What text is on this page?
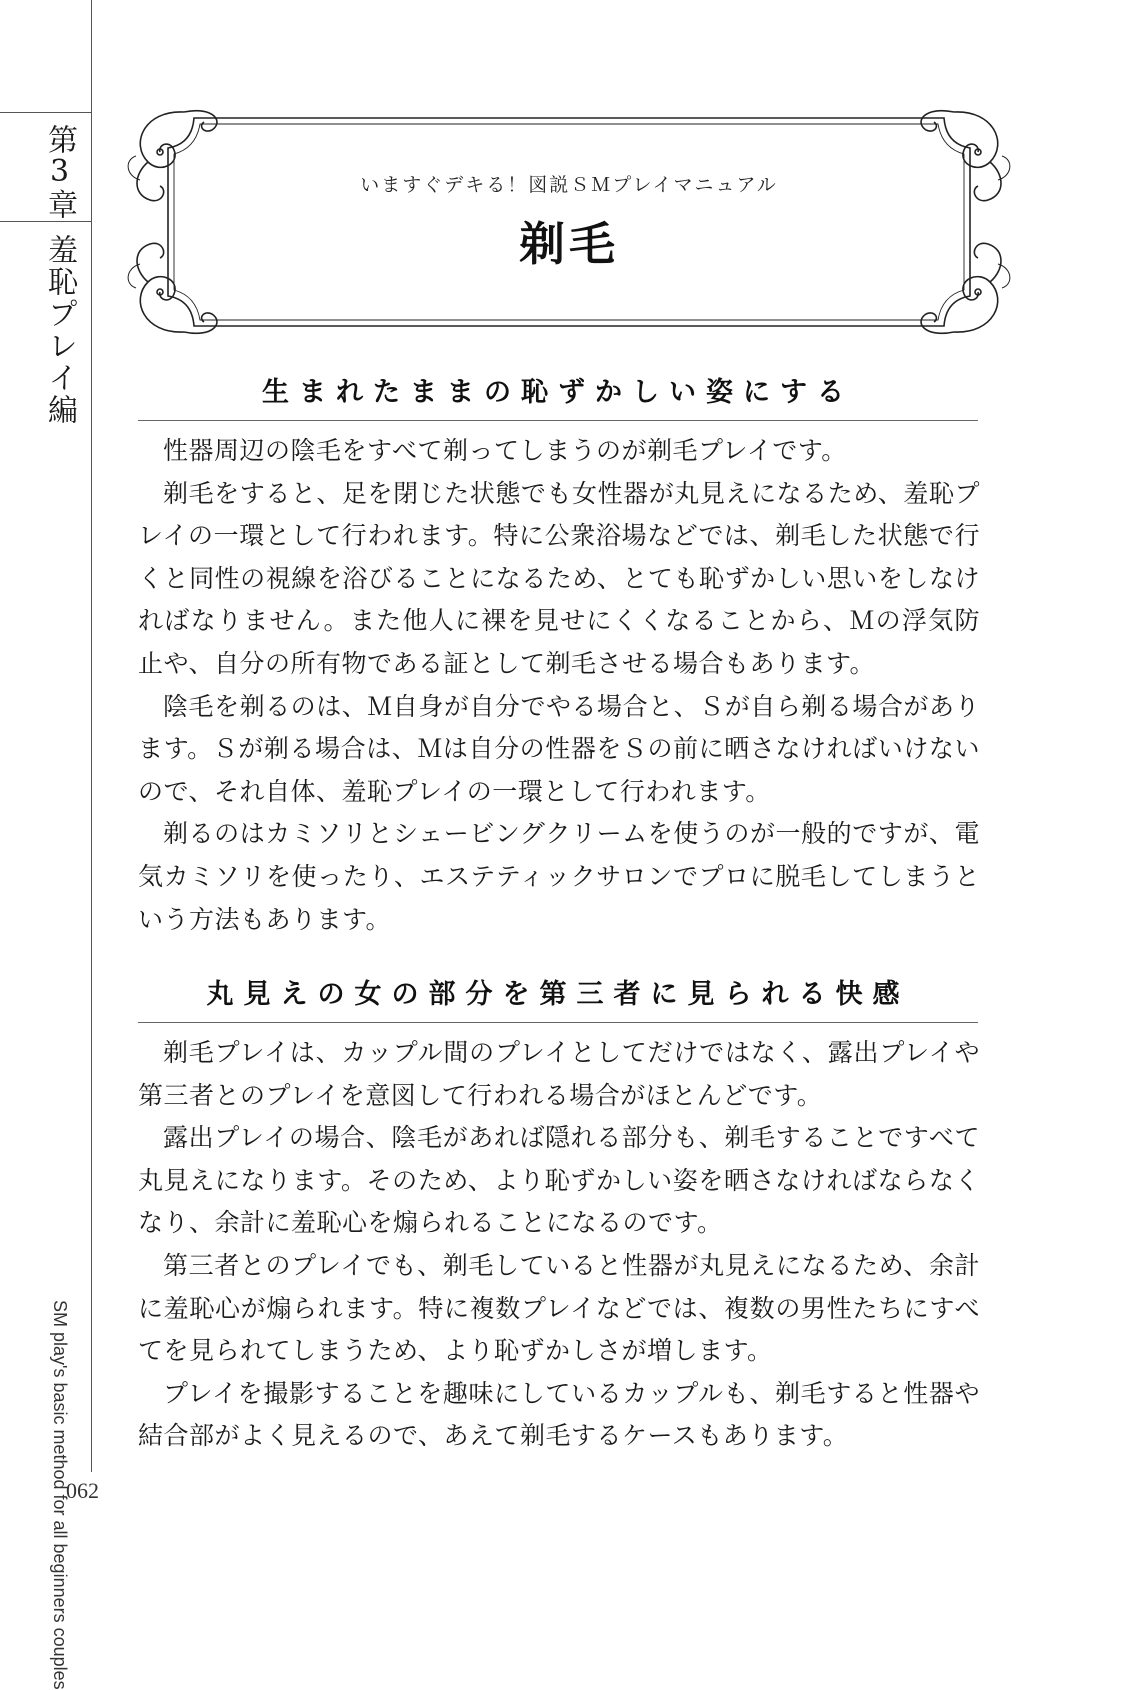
第3章
羞恥プレイ編
SM play's basic method for all beginners couples
062
いますぐデキる！図説ＳＭプレイマニュアル
剃毛
生まれたままの恥ずかしい姿にする

性器周辺の陰毛をすべて剃ってしまうのが剃毛プレイです。

剃毛をすると、足を閉じた状態でも女性器が丸見えになるため、羞恥プレイの一環として行われます。特に公衆浴場などでは、剃毛した状態で行くと同性の視線を浴びることになるため、とても恥ずかしい思いをしなければなりません。また他人に裸を見せにくくなることから、Ｍの浮気防止や、自分の所有物である証として剃毛させる場合もあります。

陰毛を剃るのは、Ｍ自身が自分でやる場合と、Ｓが自ら剃る場合があります。Ｓが剃る場合は、Ｍは自分の性器をＳの前に晒さなければいけないので、それ自体、羞恥プレイの一環として行われます。

剃るのはカミソリとシェービングクリームを使うのが一般的ですが、電気カミソリを使ったり、エステティックサロンでプロに脱毛してしまうという方法もあります。

丸見えの女の部分を第三者に見られる快感

剃毛プレイは、カップル間のプレイとしてだけではなく、露出プレイや第三者とのプレイを意図して行われる場合がほとんどです。

露出プレイの場合、陰毛があれば隠れる部分も、剃毛することですべて丸見えになります。そのため、より恥ずかしい姿を晒さなければならなくなり、余計に羞恥心を煽られることになるのです。

第三者とのプレイでも、剃毛していると性器が丸見えになるため、余計に羞恥心が煽られます。特に複数プレイなどでは、複数の男性たちにすべてを見られてしまうため、より恥ずかしさが増します。

プレイを撮影することを趣味にしているカップルも、剃毛すると性器や結合部がよく見えるので、あえて剃毛するケースもあります。
